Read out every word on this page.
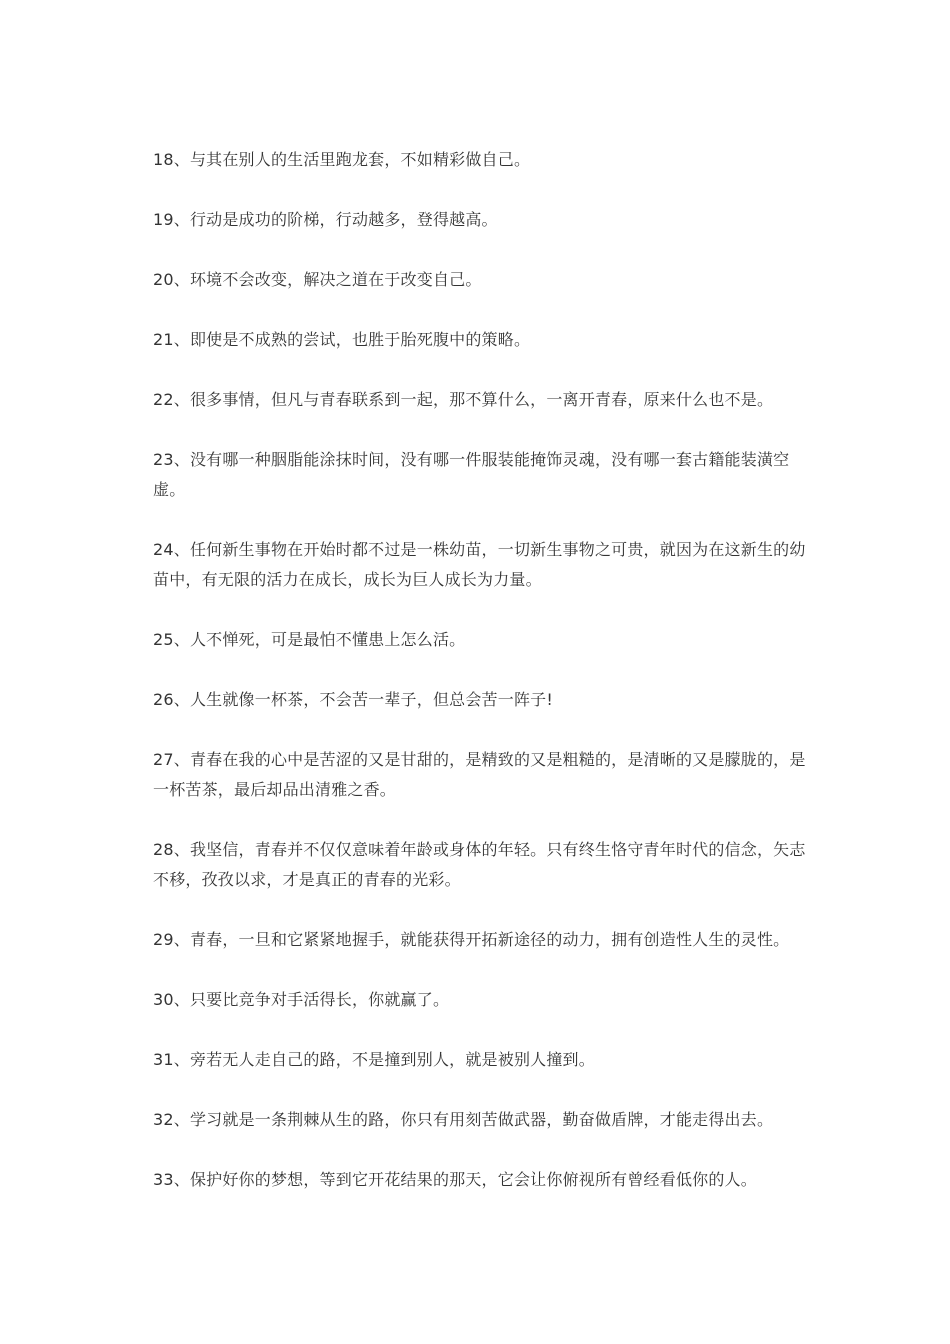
18、与其在别人的生活里跑龙套，不如精彩做自己。
19、行动是成功的阶梯，行动越多，登得越高。
20、环境不会改变，解决之道在于改变自己。
21、即使是不成熟的尝试，也胜于胎死腹中的策略。
22、很多事情，但凡与青春联系到一起，那不算什么，一离开青春，原来什么也不是。
23、没有哪一种胭脂能涂抹时间，没有哪一件服装能掩饰灵魂，没有哪一套古籍能装潢空虚。
24、任何新生事物在开始时都不过是一株幼苗，一切新生事物之可贵，就因为在这新生的幼苗中，有无限的活力在成长，成长为巨人成长为力量。
25、人不惮死，可是最怕不懂患上怎么活。
26、人生就像一杯茶，不会苦一辈子，但总会苦一阵子!
27、青春在我的心中是苦涩的又是甘甜的，是精致的又是粗糙的，是清晰的又是朦胧的，是一杯苦茶，最后却品出清雅之香。
28、我坚信，青春并不仅仅意味着年龄或身体的年轻。只有终生恪守青年时代的信念，矢志不移，孜孜以求，才是真正的青春的光彩。
29、青春，一旦和它紧紧地握手，就能获得开拓新途径的动力，拥有创造性人生的灵性。
30、只要比竞争对手活得长，你就赢了。
31、旁若无人走自己的路，不是撞到别人，就是被别人撞到。
32、学习就是一条荆棘从生的路，你只有用刻苦做武器，勤奋做盾牌，才能走得出去。
33、保护好你的梦想，等到它开花结果的那天，它会让你俯视所有曾经看低你的人。
